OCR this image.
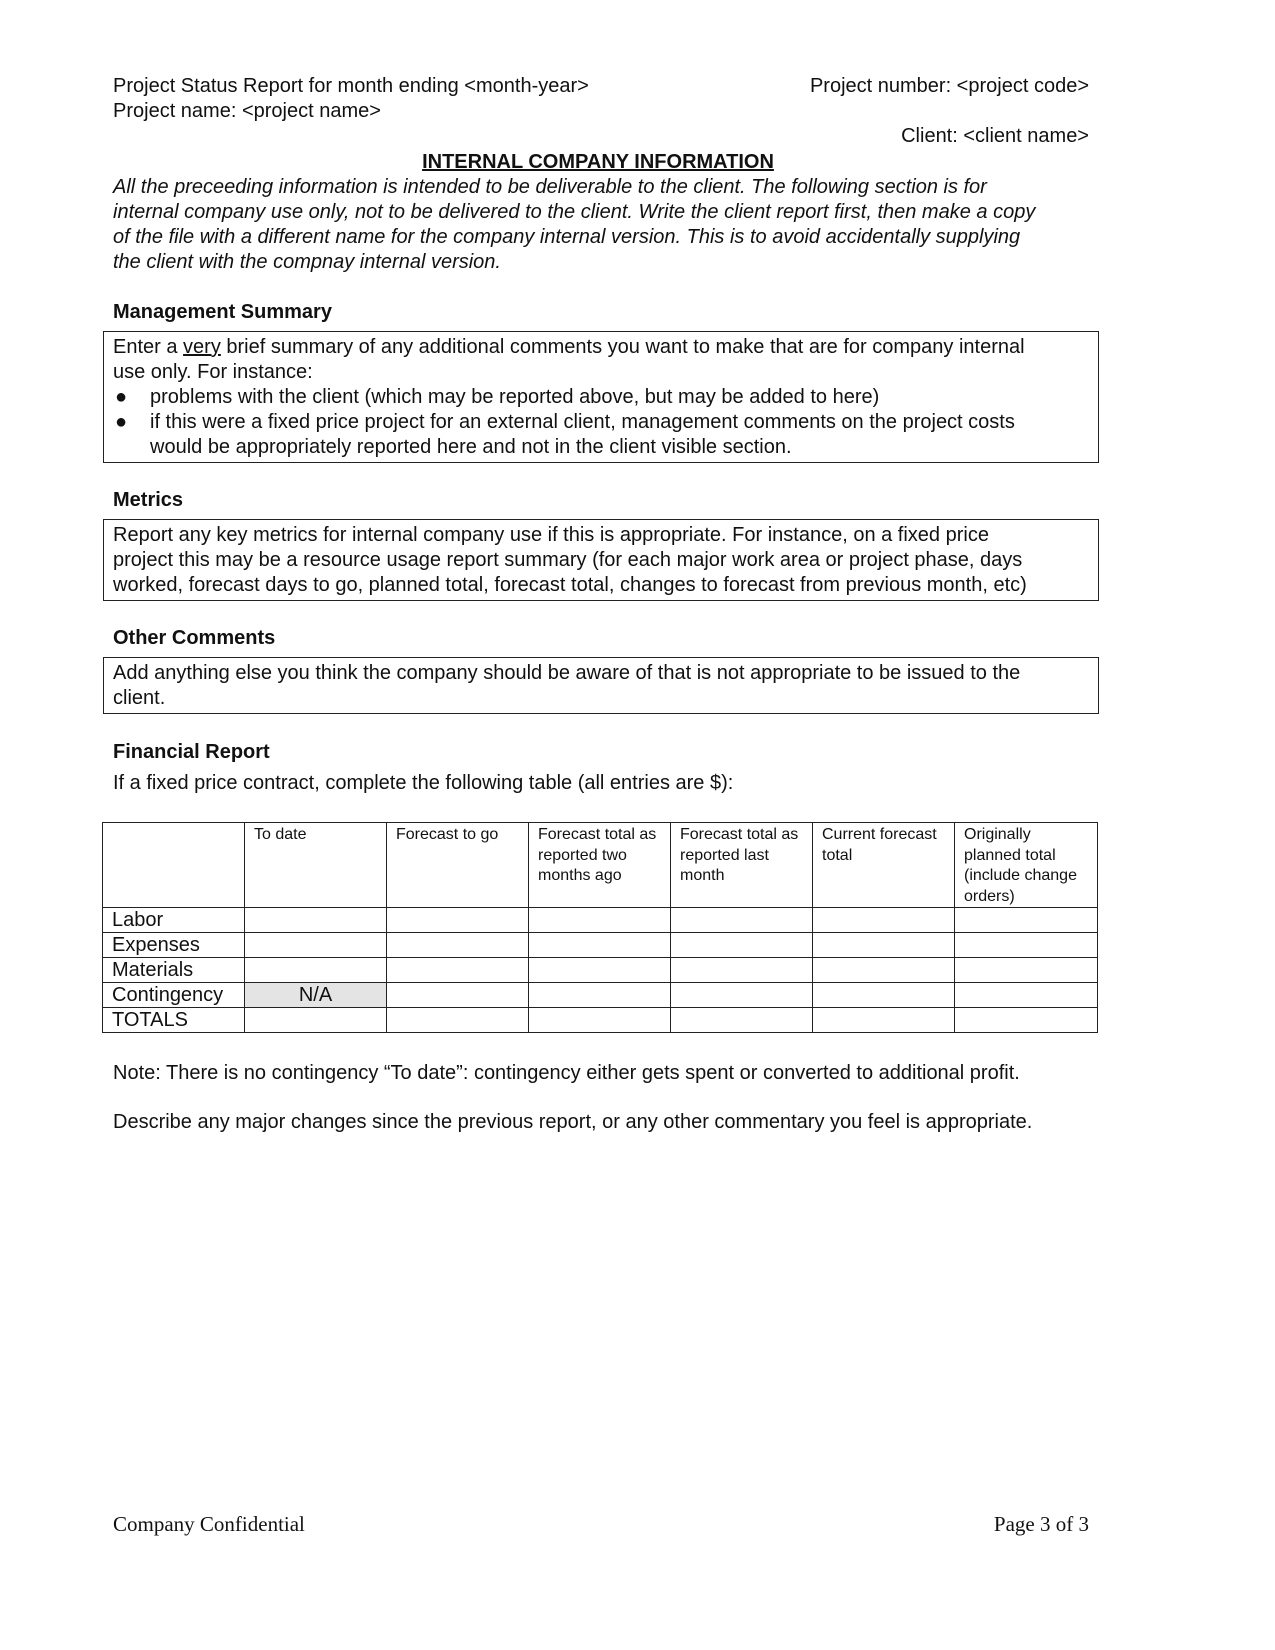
Project Status Report for month ending <month-year>	Project number: <project code>
Project name: <project name>
Client: <client name>
INTERNAL COMPANY INFORMATION
All the preceeding information is intended to be deliverable to the client. The following section is for
internal company use only, not to be delivered to the client. Write the client report first, then make a copy
of the file with a different name for the company internal version. This is to avoid accidentally supplying
the client with the compnay internal version.
Management Summary
Enter a very brief summary of any additional comments you want to make that are for company internal
use only. For instance:
● problems with the client (which may be reported above, but may be added to here)
● if this were a fixed price project for an external client, management comments on the project costs
would be appropriately reported here and not in the client visible section.
Metrics
Report any key metrics for internal company use if this is appropriate. For instance, on a fixed price
project this may be a resource usage report summary (for each major work area or project phase, days
worked, forecast days to go, planned total, forecast total, changes to forecast from previous month, etc)
Other Comments
Add anything else you think the company should be aware of that is not appropriate to be issued to the
client.
Financial Report
If a fixed price contract, complete the following table (all entries are $):
	To date	Forecast to go	Forecast total as reported two months ago	Forecast total as reported last month	Current forecast total	Originally planned total (include change orders)
Labor						
Expenses						
Materials						
Contingency	N/A					
TOTALS						
Note: There is no contingency “To date”: contingency either gets spent or converted to additional profit.
Describe any major changes since the previous report, or any other commentary you feel is appropriate.
Company Confidential	Page 3 of 3
